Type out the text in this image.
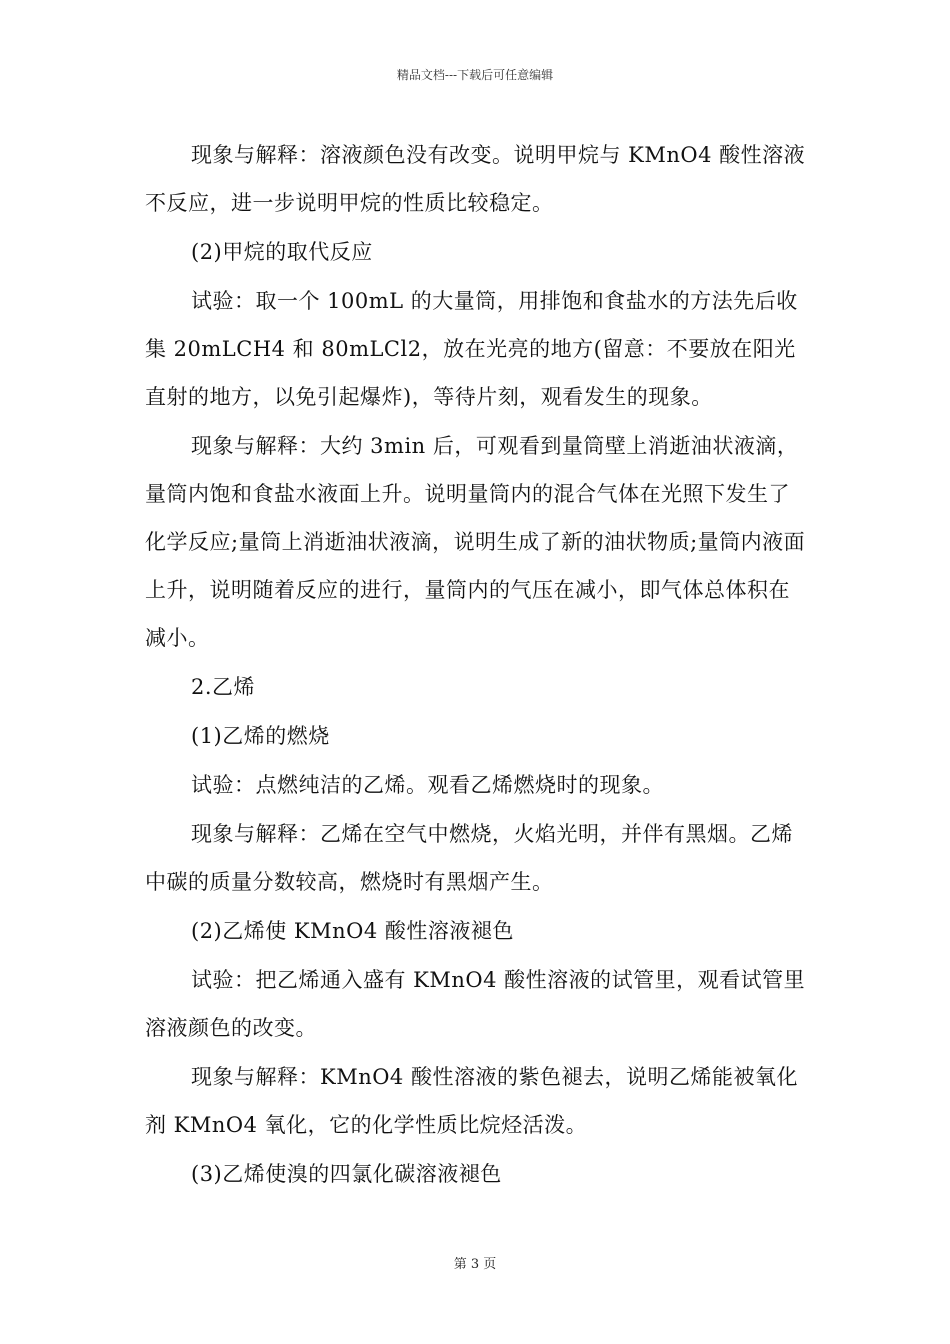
精品文档---下载后可任意编辑

现象与解释：溶液颜色没有改变。说明甲烷与 KMnO4 酸性溶液不反应，进一步说明甲烷的性质比较稳定。

(2)甲烷的取代反应

试验：取一个 100mL 的大量筒，用排饱和食盐水的方法先后收集 20mLCH4 和 80mLCl2，放在光亮的地方(留意：不要放在阳光直射的地方，以免引起爆炸)，等待片刻，观看发生的现象。

现象与解释：大约 3min 后，可观看到量筒壁上消逝油状液滴，量筒内饱和食盐水液面上升。说明量筒内的混合气体在光照下发生了化学反应;量筒上消逝油状液滴，说明生成了新的油状物质;量筒内液面上升，说明随着反应的进行，量筒内的气压在减小，即气体总体积在减小。

2.乙烯

(1)乙烯的燃烧

试验：点燃纯洁的乙烯。观看乙烯燃烧时的现象。

现象与解释：乙烯在空气中燃烧，火焰光明，并伴有黑烟。乙烯中碳的质量分数较高，燃烧时有黑烟产生。

(2)乙烯使 KMnO4 酸性溶液褪色

试验：把乙烯通入盛有 KMnO4 酸性溶液的试管里，观看试管里溶液颜色的改变。

现象与解释：KMnO4 酸性溶液的紫色褪去，说明乙烯能被氧化剂 KMnO4 氧化，它的化学性质比烷烃活泼。

(3)乙烯使溴的四氯化碳溶液褪色

第 3 页
